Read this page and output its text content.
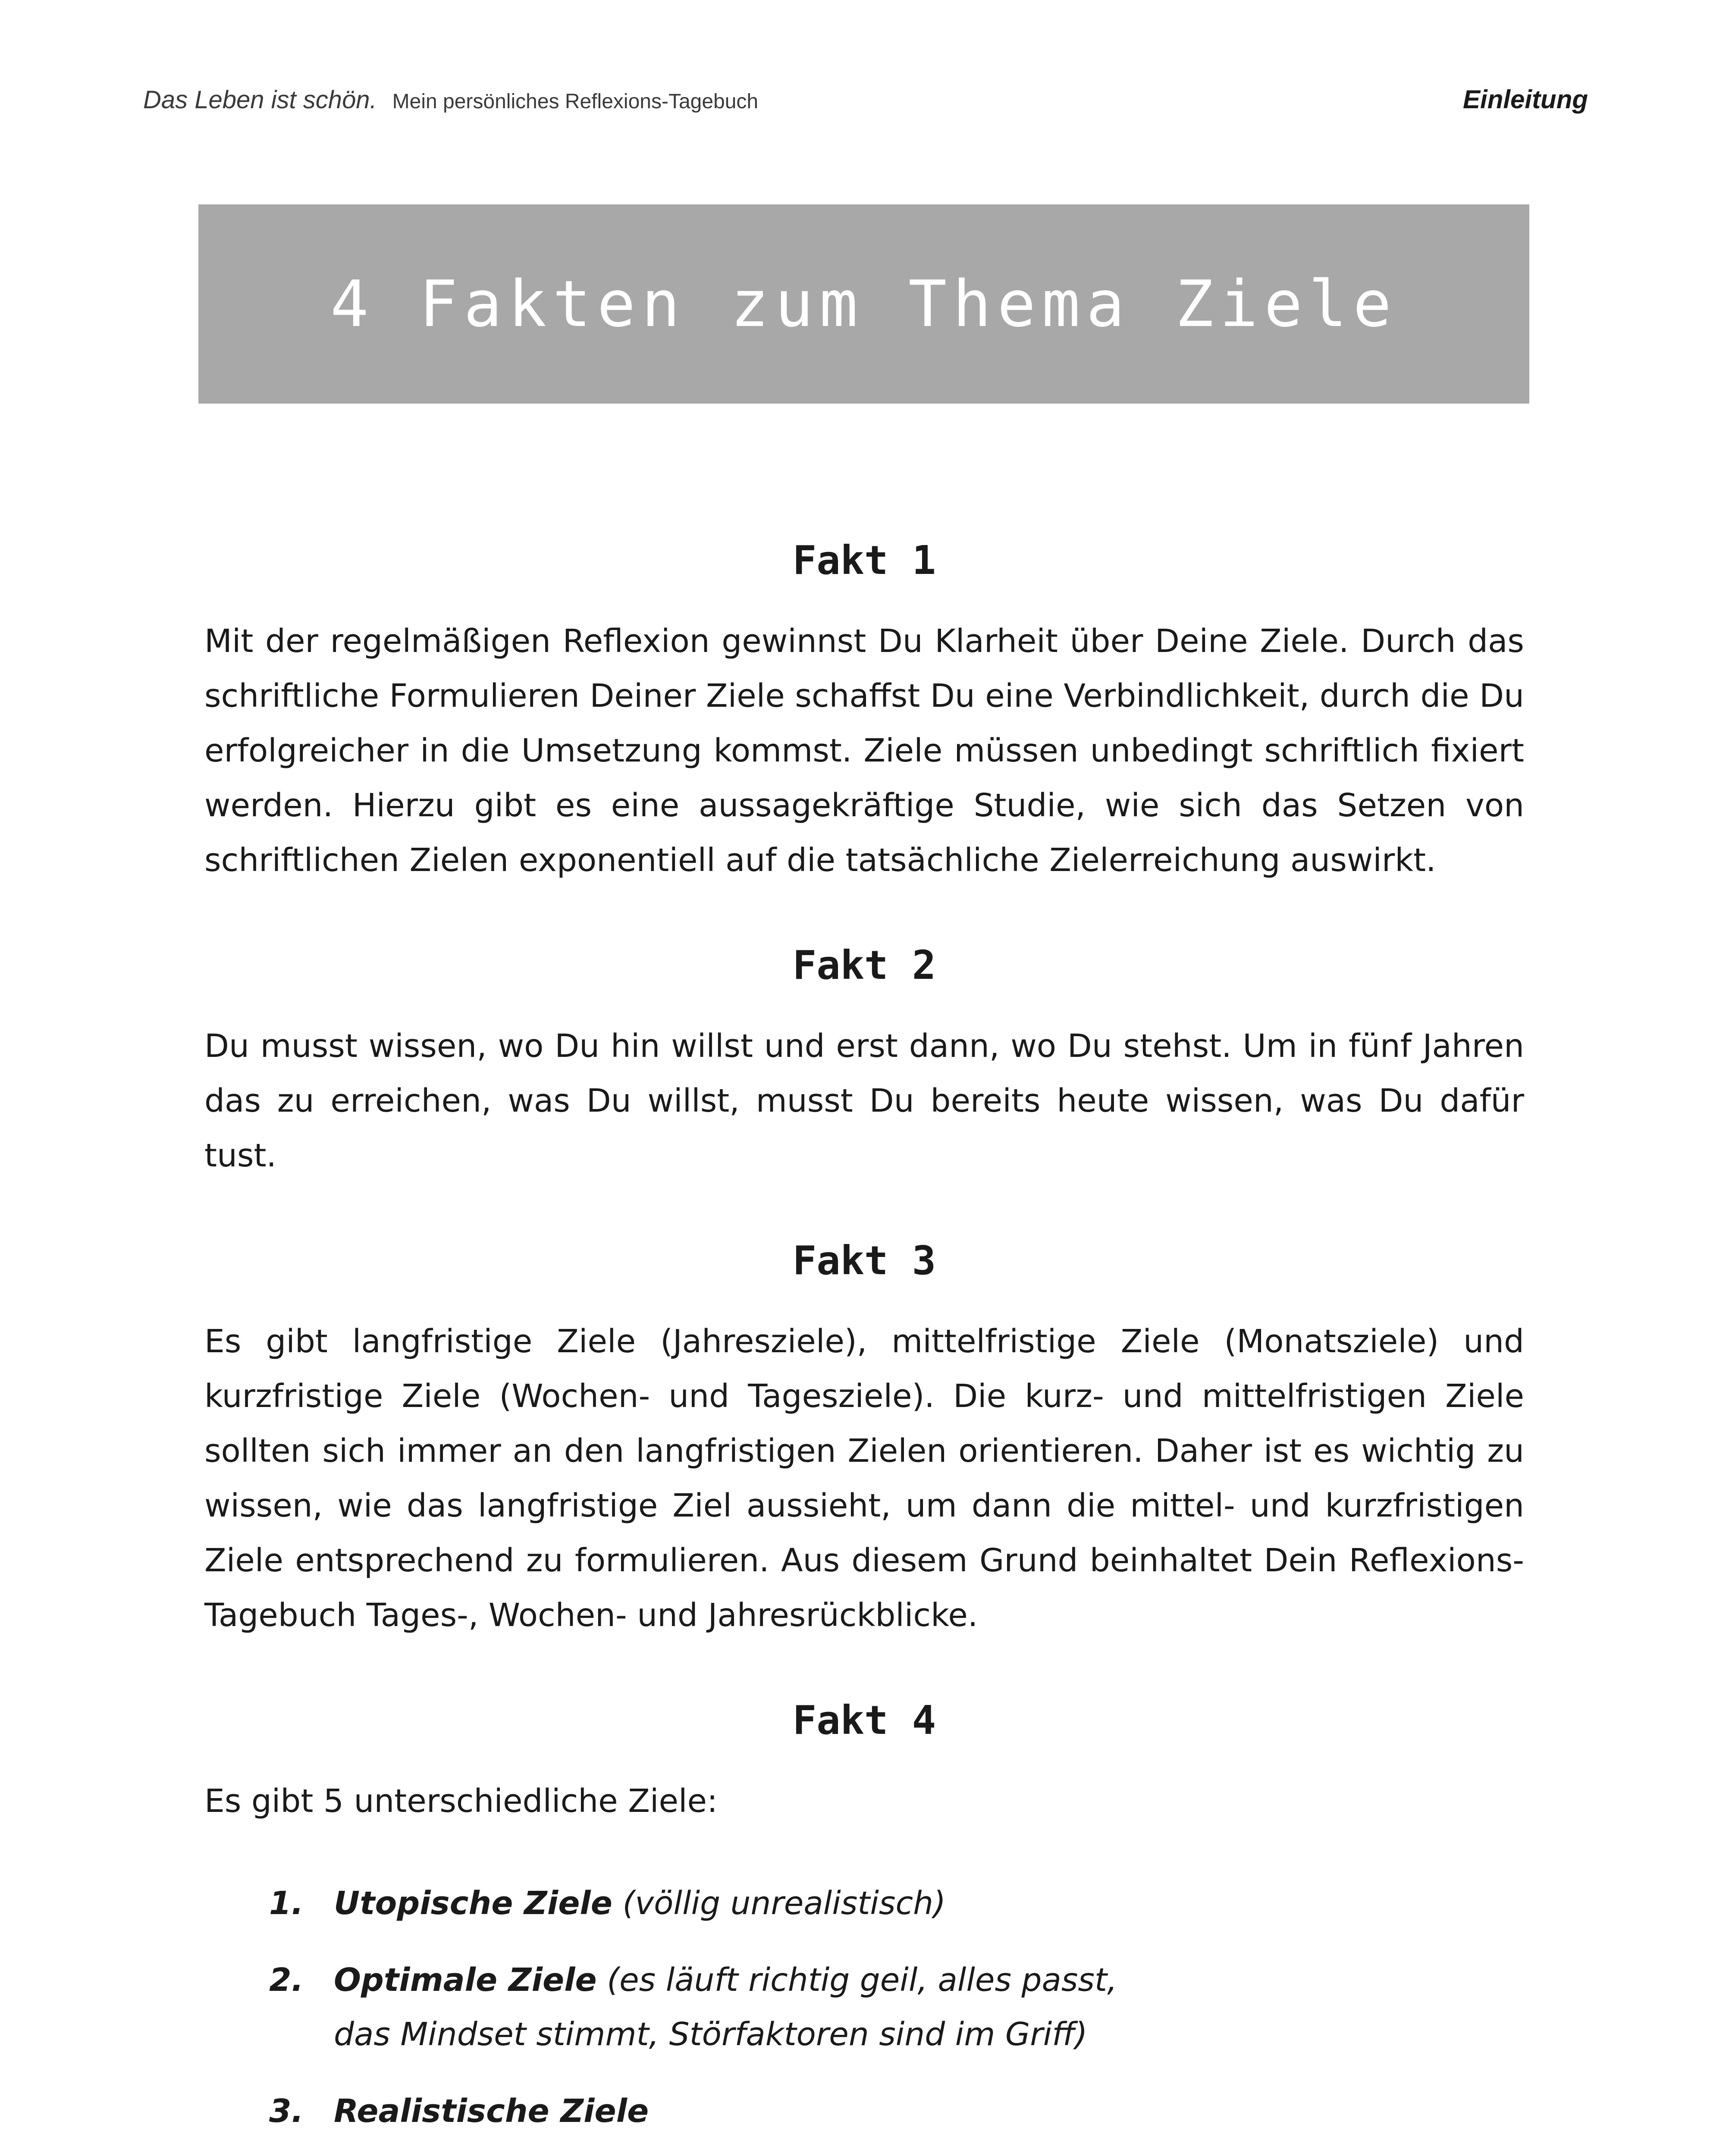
Das Leben ist schön. Mein persönliches Reflexions-Tagebuch	Einleitung
4 Fakten zum Thema Ziele
Fakt 1

Mit der regelmäßigen Reflexion gewinnst Du Klarheit über Deine Ziele. Durch das schriftliche Formulieren Deiner Ziele schaffst Du eine Verbindlichkeit, durch die Du erfolgreicher in die Umsetzung kommst. Ziele müssen unbedingt schriftlich fixiert werden. Hierzu gibt es eine aussagekräftige Studie, wie sich das Setzen von schriftlichen Zielen exponentiell auf die tatsächliche Zielerreichung auswirkt.

Fakt 2

Du musst wissen, wo Du hin willst und erst dann, wo Du stehst. Um in fünf Jahren das zu erreichen, was Du willst, musst Du bereits heute wissen, was Du dafür tust.

Fakt 3

Es gibt langfristige Ziele (Jahresziele), mittelfristige Ziele (Monatsziele) und kurzfristige Ziele (Wochen- und Tagesziele). Die kurz- und mittelfristigen Ziele sollten sich immer an den langfristigen Zielen orientieren. Daher ist es wichtig zu wissen, wie das langfristige Ziel aussieht, um dann die mittel- und kurzfristigen Ziele entsprechend zu formulieren. Aus diesem Grund beinhaltet Dein Reflexions-Tagebuch Tages-, Wochen- und Jahresrückblicke.

Fakt 4

Es gibt 5 unterschiedliche Ziele:

1. Utopische Ziele (völlig unrealistisch)
2. Optimale Ziele (es läuft richtig geil, alles passt, das Mindset stimmt, Störfaktoren sind im Griff)
3. Realistische Ziele
